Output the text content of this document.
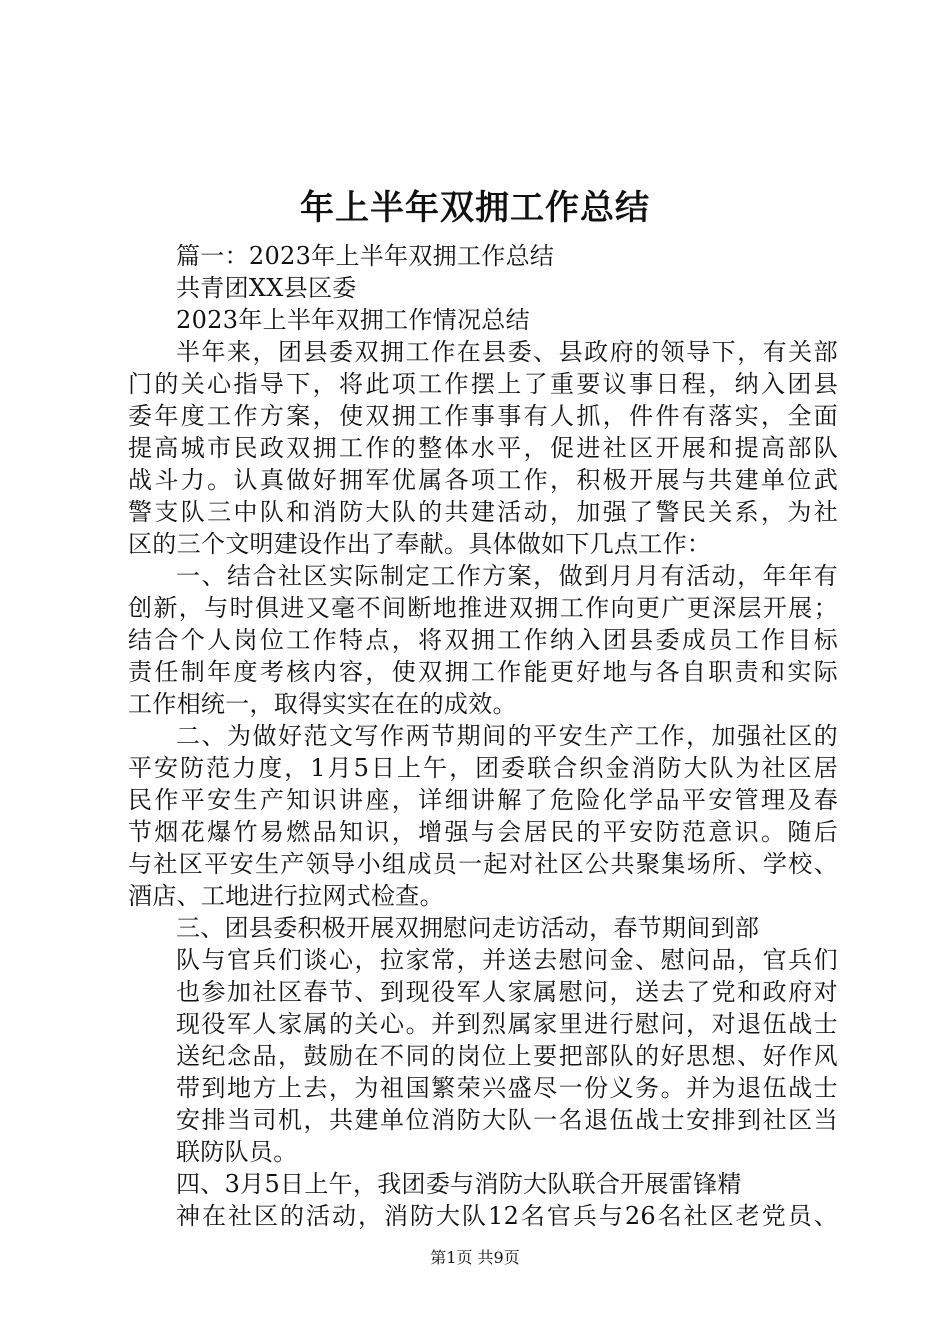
年上半年双拥工作总结
篇一：2023年上半年双拥工作总结
共青团XX县区委
2023年上半年双拥工作情况总结
半年来，团县委双拥工作在县委、县政府的领导下，有关部
门的关心指导下，将此项工作摆上了重要议事日程，纳入团县
委年度工作方案，使双拥工作事事有人抓，件件有落实，全面
提高城市民政双拥工作的整体水平，促进社区开展和提高部队
战斗力。认真做好拥军优属各项工作，积极开展与共建单位武
警支队三中队和消防大队的共建活动，加强了警民关系，为社
区的三个文明建设作出了奉献。具体做如下几点工作：
一、结合社区实际制定工作方案，做到月月有活动，年年有
创新，与时俱进又毫不间断地推进双拥工作向更广更深层开展；
结合个人岗位工作特点，将双拥工作纳入团县委成员工作目标
责任制年度考核内容，使双拥工作能更好地与各自职责和实际
工作相统一，取得实实在在的成效。
二、为做好范文写作两节期间的平安生产工作，加强社区的
平安防范力度，1月5日上午，团委联合织金消防大队为社区居
民作平安生产知识讲座，详细讲解了危险化学品平安管理及春
节烟花爆竹易燃品知识，增强与会居民的平安防范意识。随后
与社区平安生产领导小组成员一起对社区公共聚集场所、学校、
酒店、工地进行拉网式检查。
三、团县委积极开展双拥慰问走访活动，春节期间到部
队与官兵们谈心，拉家常，并送去慰问金、慰问品，官兵们
也参加社区春节、到现役军人家属慰问，送去了党和政府对
现役军人家属的关心。并到烈属家里进行慰问，对退伍战士
送纪念品，鼓励在不同的岗位上要把部队的好思想、好作风
带到地方上去，为祖国繁荣兴盛尽一份义务。并为退伍战士
安排当司机，共建单位消防大队一名退伍战士安排到社区当
联防队员。
四、3月5日上午，我团委与消防大队联合开展雷锋精
神在社区的活动，消防大队12名官兵与26名社区老党员、
第1页 共9页
